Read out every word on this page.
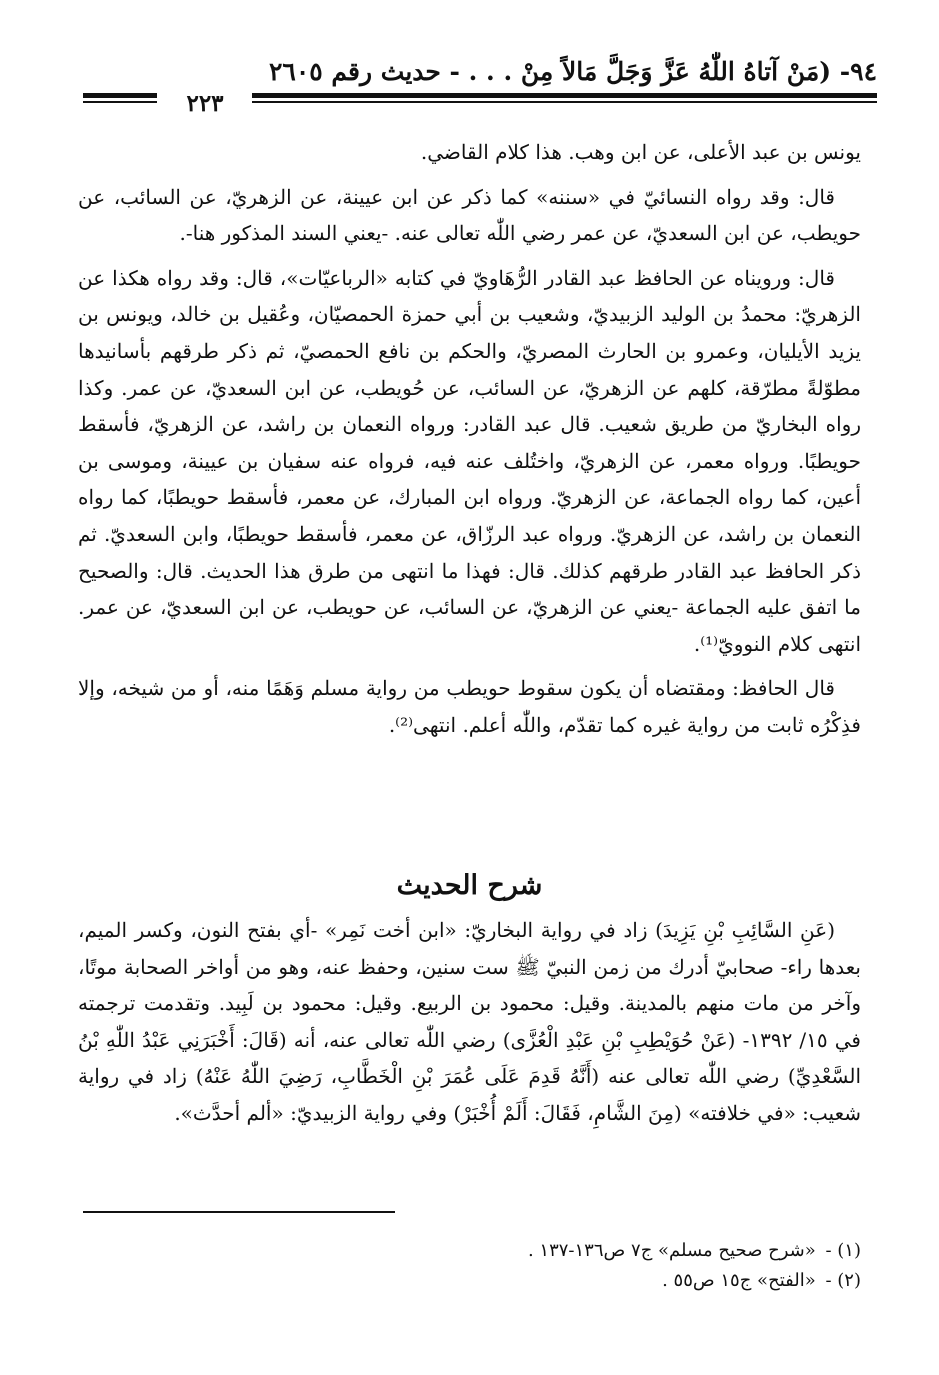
٩٤- (مَنْ آتاهُ اللّٰهُ عَزَّ وَجَلَّ مَالاً مِنْ . . . - حديث رقم ٢٦٠٥
٢٢٣

يونس بن عبد الأعلى، عن ابن وهب. هذا كلام القاضي.

قال: وقد رواه النسائيّ في «سننه» كما ذكر عن ابن عيينة، عن الزهريّ، عن السائب، عن حويطب، عن ابن السعديّ، عن عمر رضي اللّٰه تعالى عنه. -يعني السند المذكور هنا-.

قال: ورويناه عن الحافظ عبد القادر الرُّهَاويّ في كتابه «الرباعيّات»، قال: وقد رواه هكذا عن الزهريّ: محمدُ بن الوليد الزبيديّ، وشعيب بن أبي حمزة الحمصيّان، وعُقيل بن خالد، ويونس بن يزيد الأيليان، وعمرو بن الحارث المصريّ، والحكم بن نافع الحمصيّ، ثم ذكر طرقهم بأسانيدها مطوّلةً مطرّقة، كلهم عن الزهريّ، عن السائب، عن حُويطب، عن ابن السعديّ، عن عمر. وكذا رواه البخاريّ من طريق شعيب. قال عبد القادر: ورواه النعمان بن راشد، عن الزهريّ، فأسقط حويطبًا. ورواه معمر، عن الزهريّ، واختُلف عنه فيه، فرواه عنه سفيان بن عيينة، وموسى بن أعين، كما رواه الجماعة، عن الزهريّ. ورواه ابن المبارك، عن معمر، فأسقط حويطبًا، كما رواه النعمان بن راشد، عن الزهريّ. ورواه عبد الرزّاق، عن معمر، فأسقط حويطبًا، وابن السعديّ. ثم ذكر الحافظ عبد القادر طرقهم كذلك. قال: فهذا ما انتهى من طرق هذا الحديث. قال: والصحيح ما اتفق عليه الجماعة -يعني عن الزهريّ، عن السائب، عن حويطب، عن ابن السعديّ، عن عمر. انتهى كلام النوويّ⁽¹⁾.

قال الحافظ: ومقتضاه أن يكون سقوط حويطب من رواية مسلم وَهَمًا منه، أو من شيخه، وإلا فذِكْرُه ثابت من رواية غيره كما تقدّم، واللّٰه أعلم. انتهى⁽²⁾.

شرح الحديث

(عَنِ السَّائِبِ بْنِ يَزِيدَ) زاد في رواية البخاريّ: «ابن أخت نَمِر» -أي بفتح النون، وكسر الميم، بعدها راء- صحابيّ أدرك من زمن النبيّ ﷺ ست سنين، وحفظ عنه، وهو من أواخر الصحابة موتًا، وآخر من مات منهم بالمدينة. وقيل: محمود بن الربيع. وقيل: محمود بن لَبِيد. وتقدمت ترجمته في ١٥/ ١٣٩٢- (عَنْ حُوَيْطِبِ بْنِ عَبْدِ الْعُزَّى) رضي اللّٰه تعالى عنه، أنه (قَالَ: أَخْبَرَنِي عَبْدُ اللّٰهِ بْنُ السَّعْدِيِّ) رضي اللّٰه تعالى عنه (أَنَّهُ قَدِمَ عَلَى عُمَرَ بْنِ الْخَطَّابِ، رَضِيَ اللّٰهُ عَنْهُ) زاد في رواية شعيب: «في خلافته» (مِنَ الشَّامِ، فَقَالَ: أَلَمْ أُخْبَرْ) وفي رواية الزبيديّ: «ألم أحدَّث».

(١) - «شرح صحيح مسلم» ج٧ ص١٣٦-١٣٧ .
(٢) - «الفتح» ج١٥ ص٥٥ .
